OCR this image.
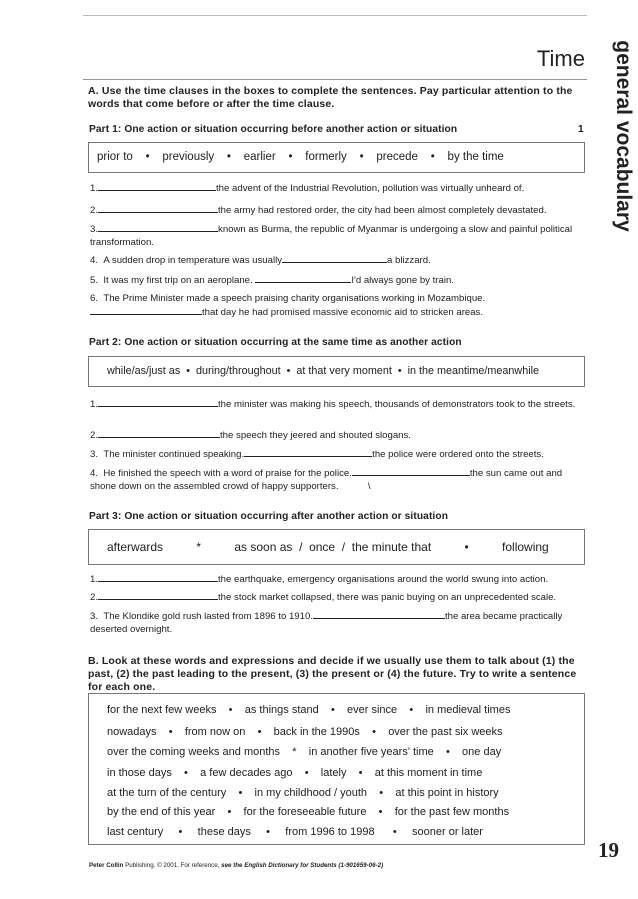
general vocabulary
Time
A. Use the time clauses in the boxes to complete the sentences. Pay particular attention to the words that come before or after the time clause.
Part 1: One action or situation occurring before another action or situation	1
prior to    •    previously    •    earlier    •    formerly    •    precede    •    by the time
1.	the advent of the Industrial Revolution, pollution was virtually unheard of.
2.	the army had restored order, the city had been almost completely devastated.
3.	known as Burma, the republic of Myanmar is undergoing a slow and painful political transformation.
4. A sudden drop in temperature was usually	a blizzard.
5. It was my first trip on an aeroplane.	I'd always gone by train.
6. The Prime Minister made a speech praising charity organisations working in Mozambique. that day he had promised massive economic aid to stricken areas.
Part 2: One action or situation occurring at the same time as another action
while/as/just as  •  during/throughout  •  at that very moment  •  in the meantime/meanwhile
1.	the minister was making his speech, thousands of demonstrators took to the streets.
2.	the speech they jeered and shouted slogans.
3. The minister continued speaking.	the police were ordered onto the streets.
4. He finished the speech with a word of praise for the police.	the sun came out and shone down on the assembled crowd of happy supporters.	\
Part 3: One action or situation occurring after another action or situation
afterwards          *          as soon as  /  once  /  the minute that          •          following
1.	the earthquake, emergency organisations around the world swung into action.
2.	the stock market collapsed, there was panic buying on an unprecedented scale.
3. The Klondike gold rush lasted from 1896 to 1910.	the area became practically deserted overnight.
B. Look at these words and expressions and decide if we usually use them to talk about (1) the past, (2) the past leading to the present, (3) the present or (4) the future. Try to write a sentence for each one.
for the next few weeks    •    as things stand    •    ever since    •    in medieval times
nowadays    •    from now on    •    back in the 1990s    •    over the past six weeks
over the coming weeks and months    *    in another five years' time    •    one day
in those days    •    a few decades ago    •    lately    •    at this moment in time
at the turn of the century    •    in my childhood / youth    •    at this point in history
by the end of this year    •    for the foreseeable future    •    for the past few months
last century     •     these days     •     from 1996 to 1998      •     sooner or later
19
Peter Collin Publishing. © 2001. For reference, see the English Dictionary for Students (1-901659-06-2)
